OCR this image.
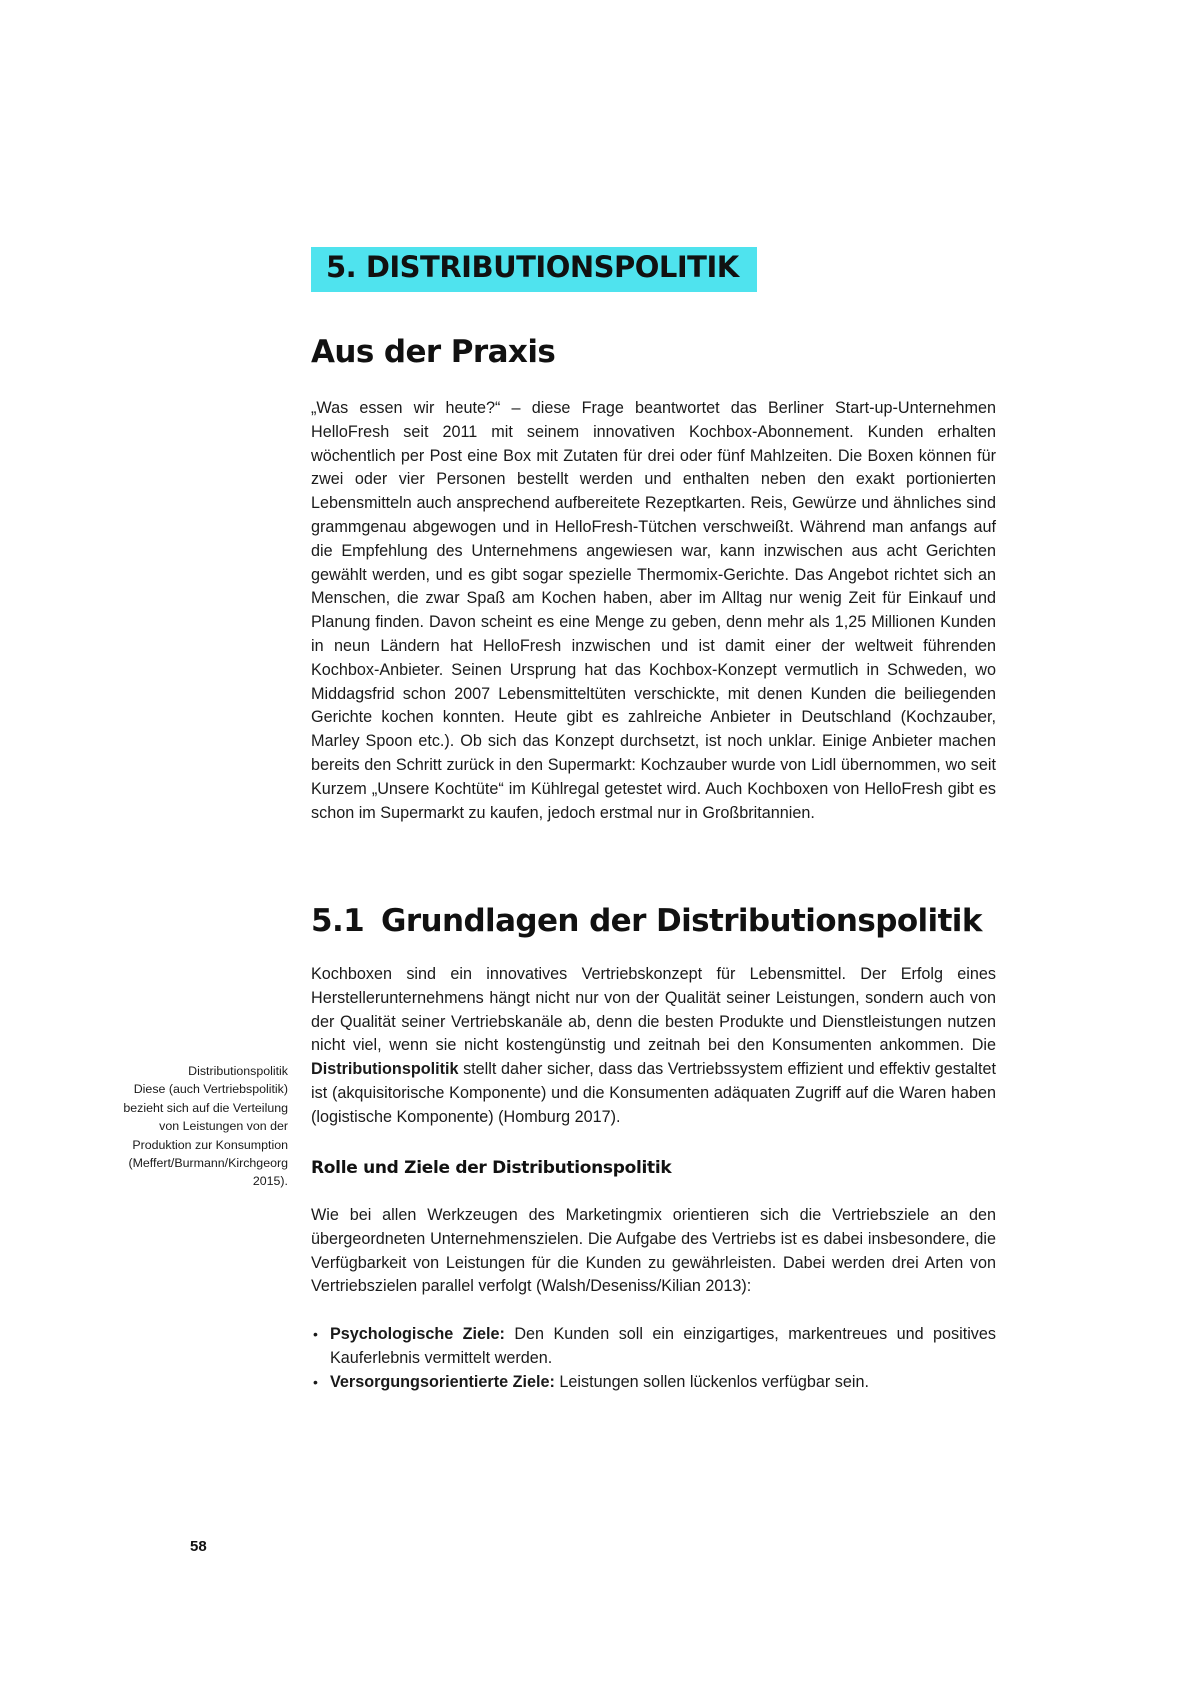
5. DISTRIBUTIONSPOLITIK
Aus der Praxis

„Was essen wir heute?“ – diese Frage beantwortet das Berliner Start-up-Unternehmen HelloFresh seit 2011 mit seinem innovativen Kochbox-Abonnement. Kunden erhalten wöchentlich per Post eine Box mit Zutaten für drei oder fünf Mahlzeiten. Die Boxen können für zwei oder vier Personen bestellt werden und enthalten neben den exakt portionierten Lebensmitteln auch ansprechend aufbereitete Rezeptkarten. Reis, Gewürze und ähnliches sind grammgenau abgewogen und in HelloFresh-Tütchen verschweißt. Während man anfangs auf die Empfehlung des Unternehmens angewiesen war, kann inzwischen aus acht Gerichten gewählt werden, und es gibt sogar spezielle Thermomix-Gerichte. Das Angebot richtet sich an Menschen, die zwar Spaß am Kochen haben, aber im Alltag nur wenig Zeit für Einkauf und Planung finden. Davon scheint es eine Menge zu geben, denn mehr als 1,25 Millionen Kunden in neun Ländern hat HelloFresh inzwischen und ist damit einer der weltweit führenden Kochbox-Anbieter. Seinen Ursprung hat das Kochbox-Konzept vermutlich in Schweden, wo Middagsfrid schon 2007 Lebensmitteltüten verschickte, mit denen Kunden die beiliegenden Gerichte kochen konnten. Heute gibt es zahlreiche Anbieter in Deutschland (Kochzauber, Marley Spoon etc.). Ob sich das Konzept durchsetzt, ist noch unklar. Einige Anbieter machen bereits den Schritt zurück in den Supermarkt: Kochzauber wurde von Lidl übernommen, wo seit Kurzem „Unsere Kochtüte“ im Kühlregal getestet wird. Auch Kochboxen von HelloFresh gibt es schon im Supermarkt zu kaufen, jedoch erstmal nur in Großbritannien.

5.1 Grundlagen der Distributionspolitik

Kochboxen sind ein innovatives Vertriebskonzept für Lebensmittel. Der Erfolg eines Herstellerunternehmens hängt nicht nur von der Qualität seiner Leistungen, sondern auch von der Qualität seiner Vertriebskanäle ab, denn die besten Produkte und Dienstleistungen nutzen nicht viel, wenn sie nicht kostengünstig und zeitnah bei den Konsumenten ankommen. Die Distributionspolitik stellt daher sicher, dass das Vertriebssystem effizient und effektiv gestaltet ist (akquisitorische Komponente) und die Konsumenten adäquaten Zugriff auf die Waren haben (logistische Komponente) (Homburg 2017).

Distributionspolitik
Diese (auch Vertriebspolitik) bezieht sich auf die Verteilung von Leistungen von der Produktion zur Konsumption (Meffert/Burmann/Kirchgeorg 2015).
Rolle und Ziele der Distributionspolitik

Wie bei allen Werkzeugen des Marketingmix orientieren sich die Vertriebsziele an den übergeordneten Unternehmenszielen. Die Aufgabe des Vertriebs ist es dabei insbesondere, die Verfügbarkeit von Leistungen für die Kunden zu gewährleisten. Dabei werden drei Arten von Vertriebszielen parallel verfolgt (Walsh/Deseniss/Kilian 2013):

• Psychologische Ziele: Den Kunden soll ein einzigartiges, markentreues und positives Kauferlebnis vermittelt werden.
• Versorgungsorientierte Ziele: Leistungen sollen lückenlos verfügbar sein.
58
